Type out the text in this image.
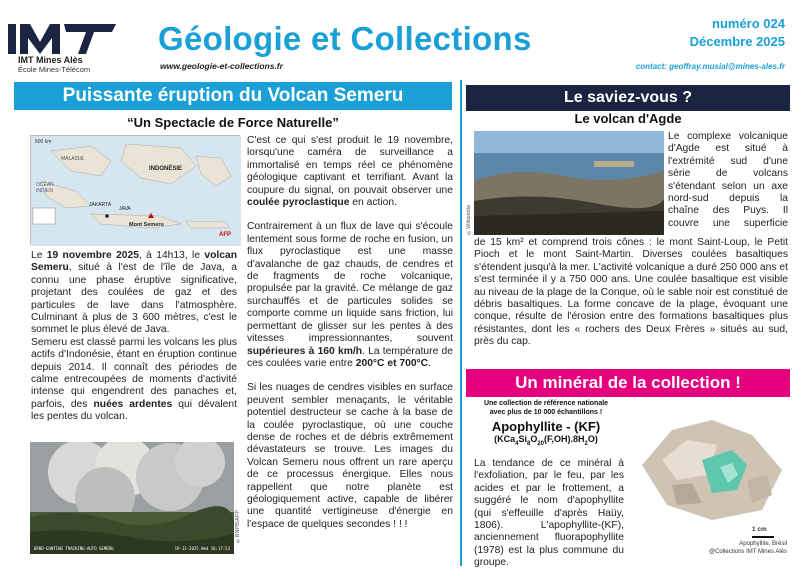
IMT Mines Alès
École Mines-Télécom
Géologie et Collections
www.geologie-et-collections.fr
numéro 024
Décembre 2025
contact: geoffray.musial@mines-ales.fr
Puissante éruption du Volcan Semeru
“Un Spectacle de Force Naturelle”
500 km
MALAISIE
INDONÉSIE
OCÉAN INDIEN
JAKARTA
JAVA
Mont Semeru
AFP

Le 19 novembre 2025, à 14h13, le volcan Semeru, situé à l'est de l'île de Java, a connu une phase éruptive significative, projetant des coulées de gaz et des particules de lave dans l'atmosphère. Culminant à plus de 3 600 mètres, c'est le sommet le plus élevé de Java.

Semeru est classé parmi les volcans les plus actifs d'Indonésie, étant en éruption continue depuis 2014. Il connaît des périodes de calme entrecoupées de moments d'activité intense qui engendrent des panaches et, parfois, des nuées ardentes qui dévalent les pentes du volcan.

BPBD-GUNTING TRACKING-AUTO SEMERU	19-11-2025 Wed 16:17:53
©BNPB/AFP

C'est ce qui s'est produit le 19 novembre, lorsqu'une caméra de surveillance a immortalisé en temps réel ce phénomène géologique captivant et terrifiant. Avant la coupure du signal, on pouvait observer une coulée pyroclastique en action.

Contrairement à un flux de lave qui s'écoule lentement sous forme de roche en fusion, un flux pyroclastique est une masse d'avalanche de gaz chauds, de cendres et de fragments de roche volcanique, propulsée par la gravité. Ce mélange de gaz surchauffés et de particules solides se comporte comme un liquide sans friction, lui permettant de glisser sur les pentes à des vitesses impressionnantes, souvent supérieures à 160 km/h. La température de ces coulées varie entre 200°C et 700°C.

Si les nuages de cendres visibles en surface peuvent sembler menaçants, le véritable potentiel destructeur se cache à la base de la coulée pyroclastique, où une couche dense de roches et de débris extrêmement dévastateurs se trouve. Les images du Volcan Semeru nous offrent un rare aperçu de ce processus énergique. Elles nous rappellent que notre planète est géologiquement active, capable de libérer une quantité vertigineuse d'énergie en l'espace de quelques secondes ! ! !

Le saviez-vous ?
Le volcan d'Agde
©Wikipédia
Le complexe volcanique
d'Agde est situé à
l'extrémité sud d'une
série de volcans
s'étendant selon un axe
nord-sud depuis la
chaîne des Puys. Il
couvre une superficie
de 15 km² et comprend trois cônes : le mont Saint-Loup, le Petit Pioch et le mont Saint-Martin. Diverses coulées basaltiques s'étendent jusqu'à la mer. L'activité volcanique a duré 250 000 ans et s'est terminée il y a 750 000 ans. Une coulée basaltique est visible au niveau de la plage de la Conque, où le sable noir est constitué de débris basaltiques. La forme concave de la plage, évoquant une conque, résulte de l'érosion entre des formations basaltiques plus résistantes, dont les « rochers des Deux Frères » situés au sud, près du cap.
Un minéral de la collection !
Une collection de référence nationale
avec plus de 10 000 échantillons !
Apophyllite - (KF)
$(KCa_4Si_8O_{20}(F,OH).8H_2O)$
La tendance de ce minéral à l'exfoliation, par le feu, par les acides et par le frottement, a suggéré le nom d'apophyllite (qui s'effeuille d'après Haüy, 1806). L'apophyllite-(KF), anciennement fluorapophyllite (1978) est la plus commune du groupe.
1 cm
Apophyllite, Brésil
@Collections IMT Mines Alès
